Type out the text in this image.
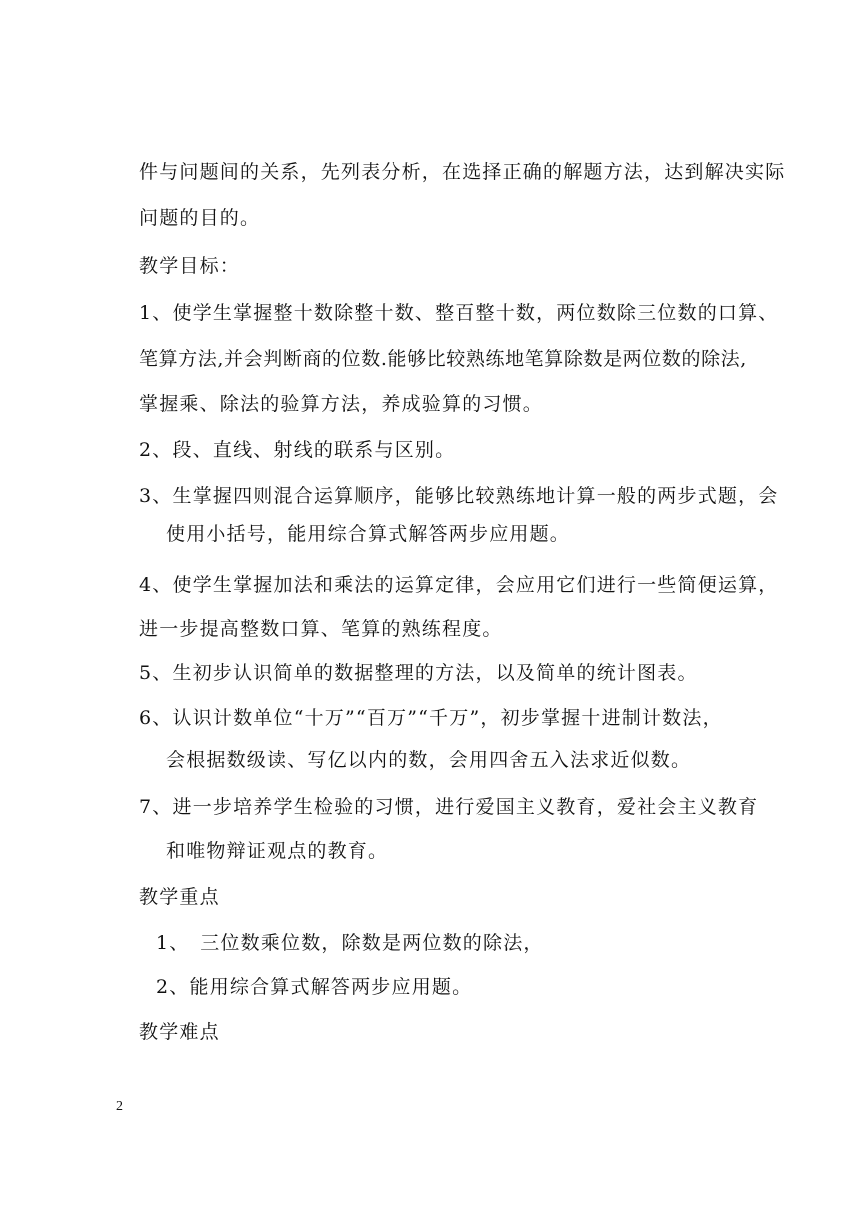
件与问题间的关系，先列表分析，在选择正确的解题方法，达到解决实际
问题的目的。
教学目标：
1、使学生掌握整十数除整十数、整百整十数，两位数除三位数的口算、
笔算方法,并会判断商的位数.能够比较熟练地笔算除数是两位数的除法,
掌握乘、除法的验算方法，养成验算的习惯。
2、段、直线、射线的联系与区别。
3、生掌握四则混合运算顺序，能够比较熟练地计算一般的两步式题，会
使用小括号，能用综合算式解答两步应用题。
4、使学生掌握加法和乘法的运算定律，会应用它们进行一些简便运算，
进一步提高整数口算、笔算的熟练程度。
5、生初步认识简单的数据整理的方法，以及简单的统计图表。
6、认识计数单位“十万”“百万”“千万”，初步掌握十进制计数法，
会根据数级读、写亿以内的数，会用四舍五入法求近似数。
7、进一步培养学生检验的习惯，进行爱国主义教育，爱社会主义教育
和唯物辩证观点的教育。
教学重点
1、　三位数乘位数，除数是两位数的除法，
2、能用综合算式解答两步应用题。
教学难点
2
